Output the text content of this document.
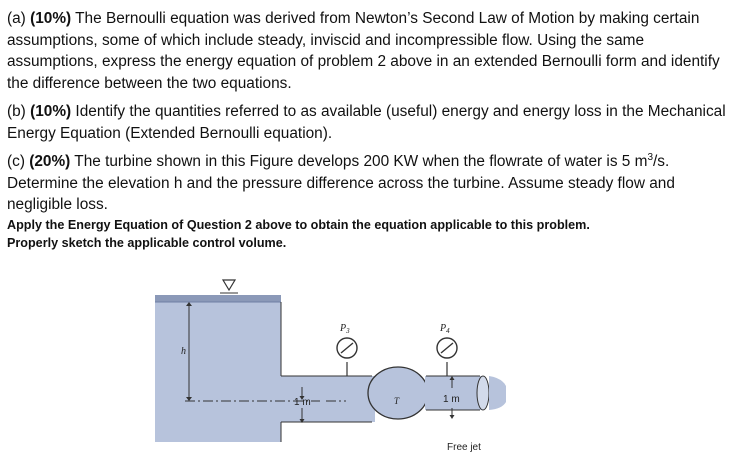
(a) (10%) The Bernoulli equation was derived from Newton’s Second Law of Motion by making certain assumptions, some of which include steady, inviscid and incompressible flow. Using the same assumptions, express the energy equation of problem 2 above in an extended Bernoulli form and identify the difference between the two equations.

(b) (10%) Identify the quantities referred to as available (useful) energy and energy loss in the Mechanical Energy Equation (Extended Bernoulli equation).

(c) (20%) The turbine shown in this Figure develops 200 KW when the flowrate of water is 5 $m^3/s$. Determine the elevation h and the pressure difference across the turbine. Assume steady flow and negligible loss.

Apply the Energy Equation of Question 2 above to obtain the equation applicable to this problem.

Properly sketch the applicable control volume.

h
$P_3$	$P_4$
T
1 m	1 m
Free jet
